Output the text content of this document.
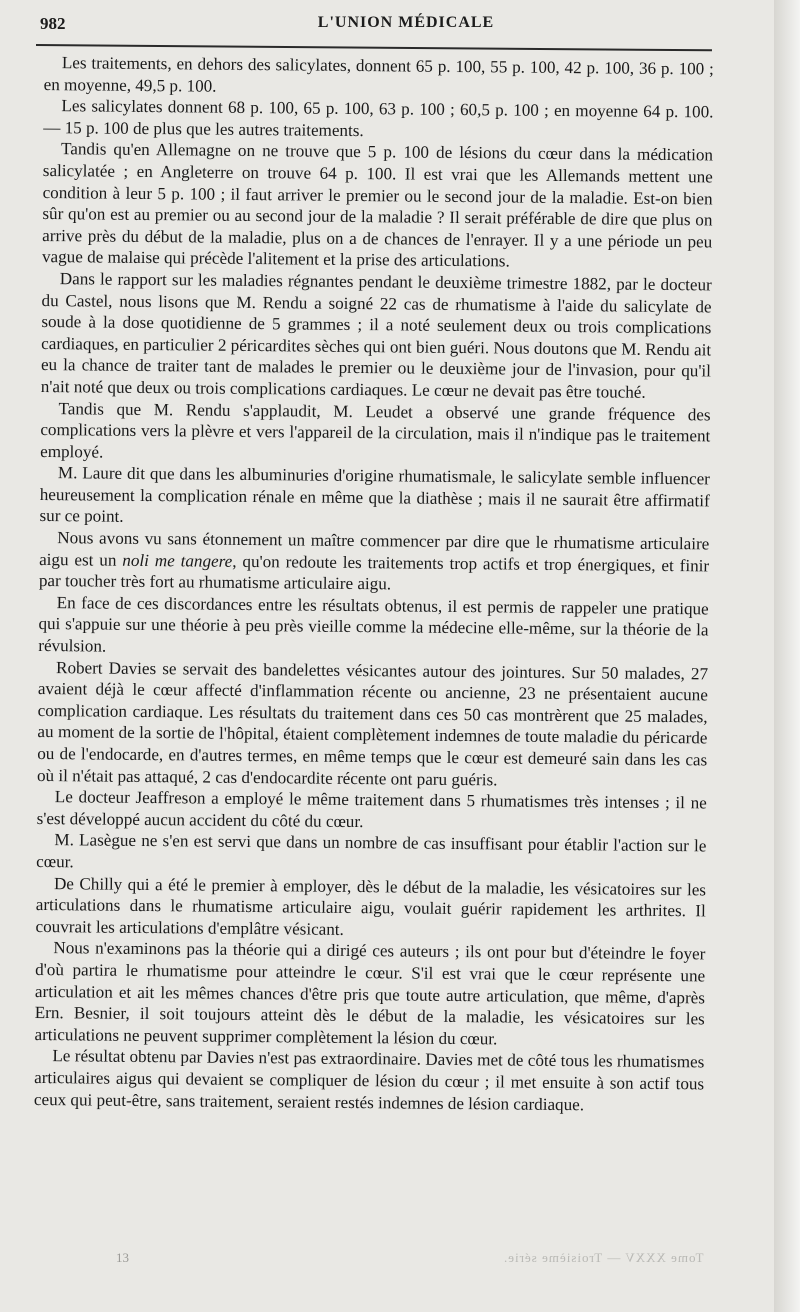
982	L'UNION MÉDICALE

Les traitements, en dehors des salicylates, donnent 65 p. 100, 55 p. 100, 42 p. 100, 36 p. 100 ; en moyenne, 49,5 p. 100.

Les salicylates donnent 68 p. 100, 65 p. 100, 63 p. 100 ; 60,5 p. 100 ; en moyenne 64 p. 100. — 15 p. 100 de plus que les autres traitements.

Tandis qu'en Allemagne on ne trouve que 5 p. 100 de lésions du cœur dans la médication salicylatée ; en Angleterre on trouve 64 p. 100. Il est vrai que les Allemands mettent une condition à leur 5 p. 100 ; il faut arriver le premier ou le second jour de la maladie. Est-on bien sûr qu'on est au premier ou au second jour de la maladie ? Il serait préférable de dire que plus on arrive près du début de la maladie, plus on a de chances de l'enrayer. Il y a une période un peu vague de malaise qui précède l'alitement et la prise des articulations.

Dans le rapport sur les maladies régnantes pendant le deuxième trimestre 1882, par le docteur du Castel, nous lisons que M. Rendu a soigné 22 cas de rhumatisme à l'aide du salicylate de soude à la dose quotidienne de 5 grammes ; il a noté seulement deux ou trois complications cardiaques, en particulier 2 péricardites sèches qui ont bien guéri. Nous doutons que M. Rendu ait eu la chance de traiter tant de malades le premier ou le deuxième jour de l'invasion, pour qu'il n'ait noté que deux ou trois complications cardiaques. Le cœur ne devait pas être touché.

Tandis que M. Rendu s'applaudit, M. Leudet a observé une grande fréquence des complications vers la plèvre et vers l'appareil de la circulation, mais il n'indique pas le traitement employé.

M. Laure dit que dans les albuminuries d'origine rhumatismale, le salicylate semble influencer heureusement la complication rénale en même que la diathèse ; mais il ne saurait être affirmatif sur ce point.

Nous avons vu sans étonnement un maître commencer par dire que le rhumatisme articulaire aigu est un noli me tangere, qu'on redoute les traitements trop actifs et trop énergiques, et finir par toucher très fort au rhumatisme articulaire aigu.

En face de ces discordances entre les résultats obtenus, il est permis de rappeler une pratique qui s'appuie sur une théorie à peu près vieille comme la médecine elle-même, sur la théorie de la révulsion.

Robert Davies se servait des bandelettes vésicantes autour des jointures. Sur 50 malades, 27 avaient déjà le cœur affecté d'inflammation récente ou ancienne, 23 ne présentaient aucune complication cardiaque. Les résultats du traitement dans ces 50 cas montrèrent que 25 malades, au moment de la sortie de l'hôpital, étaient complètement indemnes de toute maladie du péricarde ou de l'endocarde, en d'autres termes, en même temps que le cœur est demeuré sain dans les cas où il n'était pas attaqué, 2 cas d'endocardite récente ont paru guéris.

Le docteur Jeaffreson a employé le même traitement dans 5 rhumatismes très intenses ; il ne s'est développé aucun accident du côté du cœur.

M. Lasègue ne s'en est servi que dans un nombre de cas insuffisant pour établir l'action sur le cœur.

De Chilly qui a été le premier à employer, dès le début de la maladie, les vésicatoires sur les articulations dans le rhumatisme articulaire aigu, voulait guérir rapidement les arthrites. Il couvrait les articulations d'emplâtre vésicant.

Nous n'examinons pas la théorie qui a dirigé ces auteurs ; ils ont pour but d'éteindre le foyer d'où partira le rhumatisme pour atteindre le cœur. S'il est vrai que le cœur représente une articulation et ait les mêmes chances d'être pris que toute autre articulation, que même, d'après Ern. Besnier, il soit toujours atteint dès le début de la maladie, les vésicatoires sur les articulations ne peuvent supprimer complètement la lésion du cœur.

Le résultat obtenu par Davies n'est pas extraordinaire. Davies met de côté tous les rhumatismes articulaires aigus qui devaient se compliquer de lésion du cœur ; il met ensuite à son actif tous ceux qui peut-être, sans traitement, seraient restés indemnes de lésion cardiaque.

13	Tome XXXV — Troisième série.
